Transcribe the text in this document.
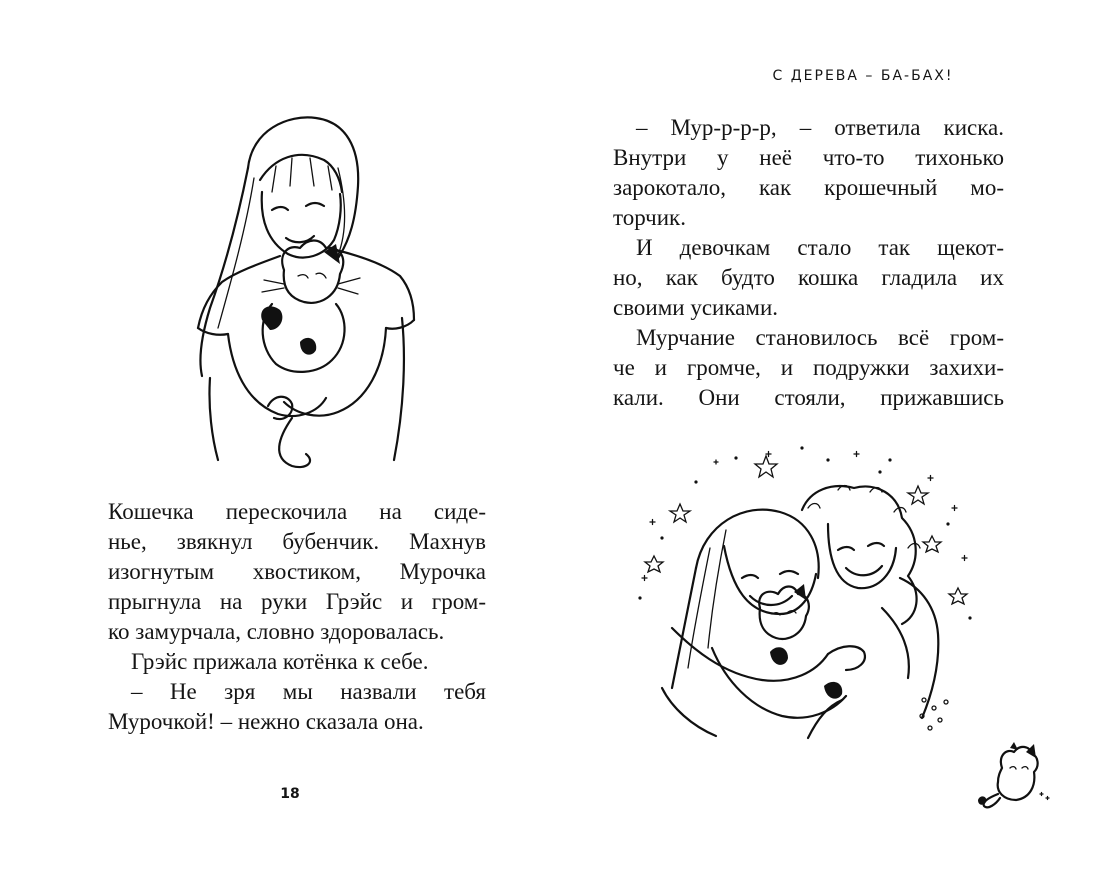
С ДЕРЕВА – БА-БАХ!

Кошечка перескочила на сиде-

нье, звякнул бубенчик. Махнув

изогнутым хвостиком, Мурочка

прыгнула на руки Грэйс и гром-

ко замурчала, словно здоровалась.

Грэйс прижала котёнка к себе.

– Не зря мы назвали тебя

Мурочкой! – нежно сказала она.

– Мур-р-р-р, – ответила киска.

Внутри у неё что-то тихонько

зарокотало, как крошечный мо-

торчик.

И девочкам стало так щекот-

но, как будто кошка гладила их

своими усиками.

Мурчание становилось всё гром-

че и громче, и подружки захихи-

кали. Они стояли, прижавшись

18
